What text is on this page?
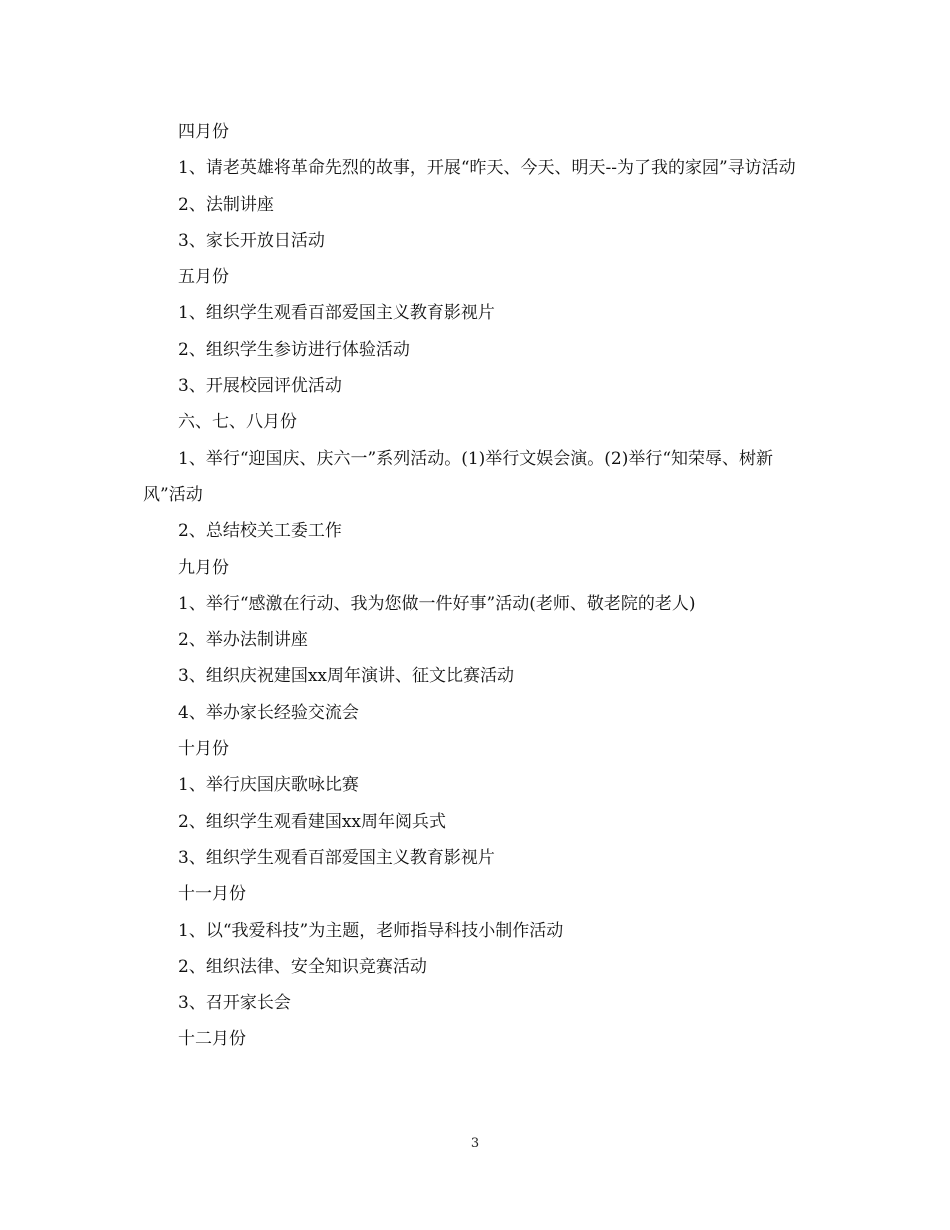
四月份

1、请老英雄将革命先烈的故事，开展“昨天、今天、明天--为了我的家园”寻访活动

2、法制讲座

3、家长开放日活动

五月份

1、组织学生观看百部爱国主义教育影视片

2、组织学生参访进行体验活动

3、开展校园评优活动

六、七、八月份

1、举行“迎国庆、庆六一”系列活动。(1)举行文娱会演。(2)举行“知荣辱、树新风”活动

2、总结校关工委工作

九月份

1、举行“感激在行动、我为您做一件好事”活动(老师、敬老院的老人)

2、举办法制讲座

3、组织庆祝建国xx周年演讲、征文比赛活动

4、举办家长经验交流会

十月份

1、举行庆国庆歌咏比赛

2、组织学生观看建国xx周年阅兵式

3、组织学生观看百部爱国主义教育影视片

十一月份

1、以“我爱科技”为主题，老师指导科技小制作活动

2、组织法律、安全知识竞赛活动

3、召开家长会

十二月份

3
